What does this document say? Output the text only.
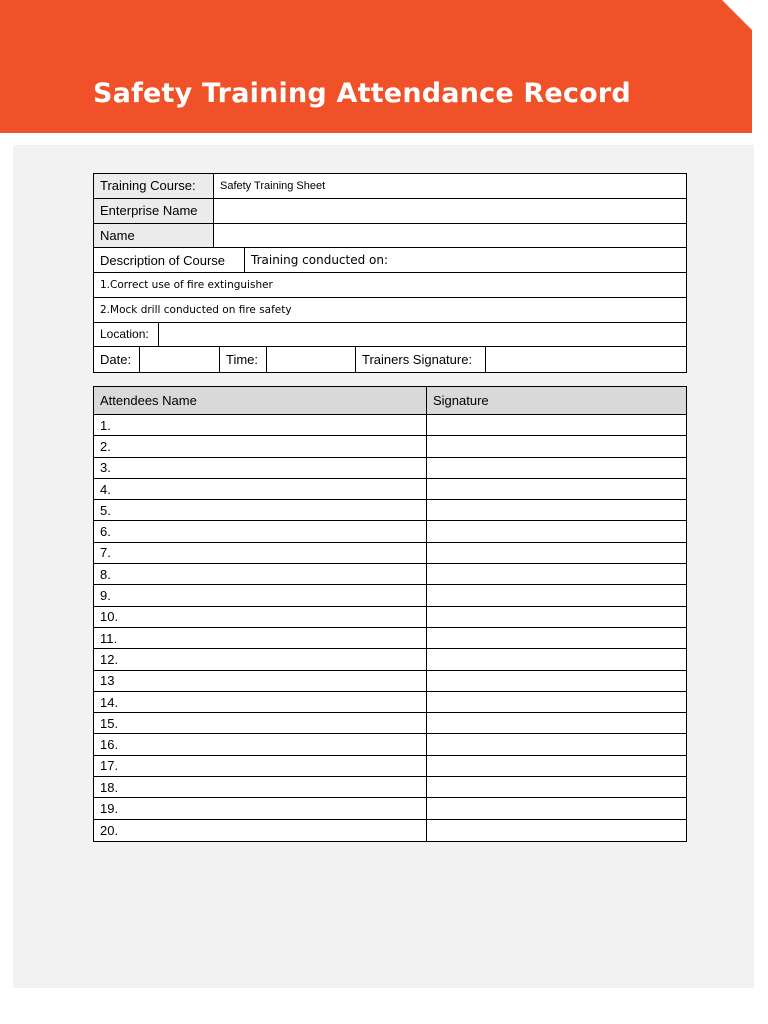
Safety Training Attendance Record
Training Course:	Safety Training Sheet
Enterprise Name
Name
Description of Course	Training conducted on:
1.Correct use of fire extinguisher
2.Mock drill conducted on fire safety
Location:
Date:	Time:	Trainers Signature:
Attendees Name	Signature
1.
2.
3.
4.
5.
6.
7.
8.
9.
10.
11.
12.
13
14.
15.
16.
17.
18.
19.
20.
